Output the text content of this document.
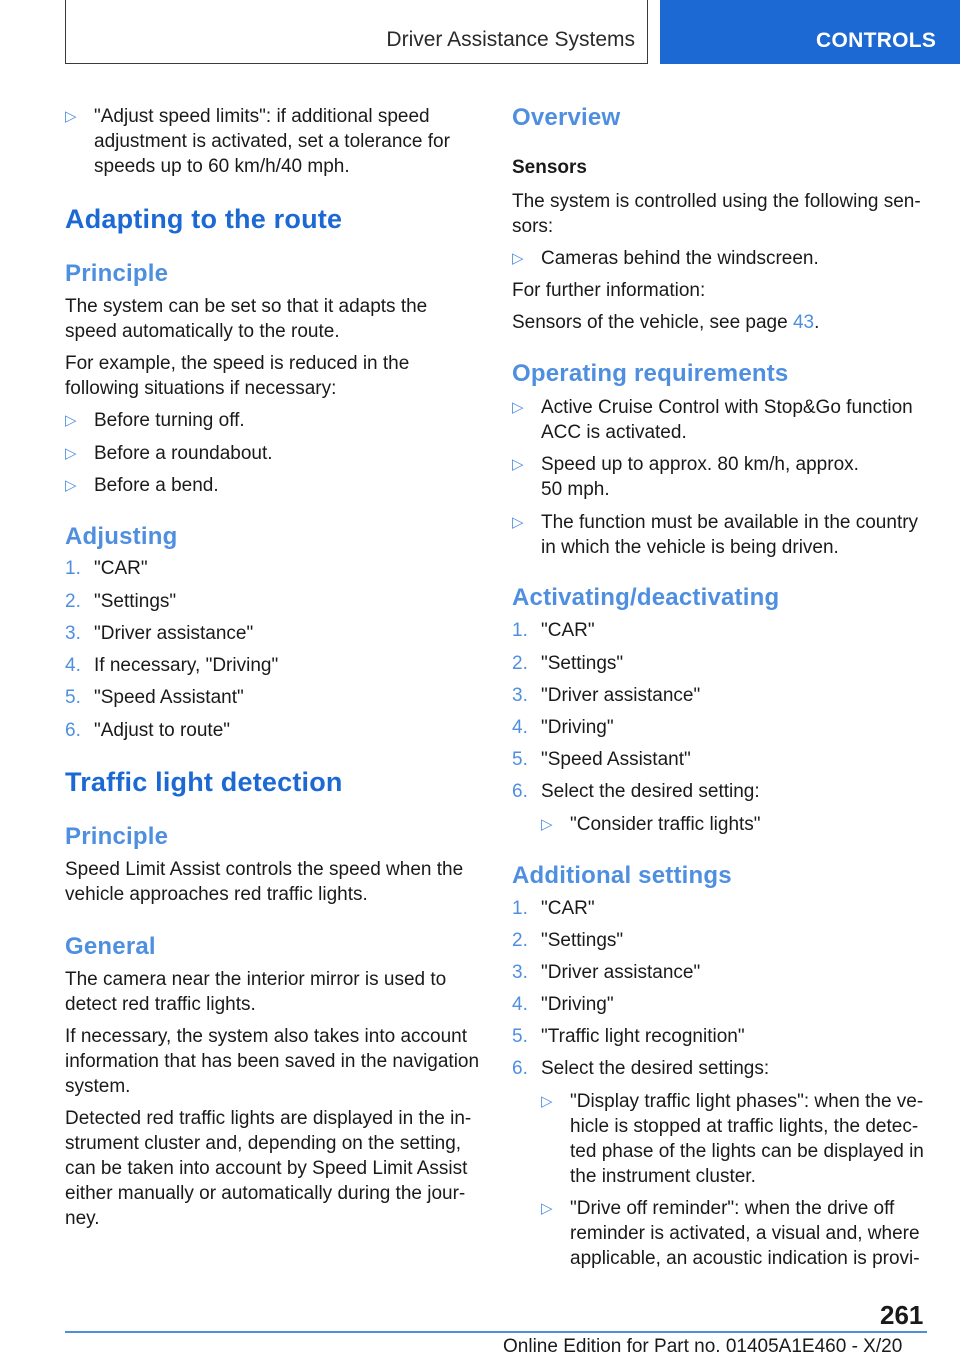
Driver Assistance Systems	CONTROLS
▷ "Adjust speed limits": if additional speed adjustment is activated, set a tolerance for speeds up to 60 km/h/40 mph.
Adapting to the route
Principle
The system can be set so that it adapts the speed automatically to the route.
For example, the speed is reduced in the following situations if necessary:
▷ Before turning off.
▷ Before a roundabout.
▷ Before a bend.
Adjusting
1. "CAR"
2. "Settings"
3. "Driver assistance"
4. If necessary, "Driving"
5. "Speed Assistant"
6. "Adjust to route"
Traffic light detection
Principle
Speed Limit Assist controls the speed when the vehicle approaches red traffic lights.
General
The camera near the interior mirror is used to detect red traffic lights.
If necessary, the system also takes into account information that has been saved in the navigation system.
Detected red traffic lights are displayed in the in- strument cluster and, depending on the setting, can be taken into account by Speed Limit Assist either manually or automatically during the jour- ney.
Overview
Sensors
The system is controlled using the following sen- sors:
▷ Cameras behind the windscreen.
For further information:
Sensors of the vehicle, see page 43.
Operating requirements
▷ Active Cruise Control with Stop&Go function ACC is activated.
▷ Speed up to approx. 80 km/h, approx. 50 mph.
▷ The function must be available in the country in which the vehicle is being driven.
Activating/deactivating
1. "CAR"
2. "Settings"
3. "Driver assistance"
4. "Driving"
5. "Speed Assistant"
6. Select the desired setting:
▷ "Consider traffic lights"
Additional settings
1. "CAR"
2. "Settings"
3. "Driver assistance"
4. "Driving"
5. "Traffic light recognition"
6. Select the desired settings:
▷ "Display traffic light phases": when the ve- hicle is stopped at traffic lights, the detec- ted phase of the lights can be displayed in the instrument cluster.
▷ "Drive off reminder": when the drive off reminder is activated, a visual and, where applicable, an acoustic indication is provi-
261
Online Edition for Part no. 01405A1E460 - X/20
